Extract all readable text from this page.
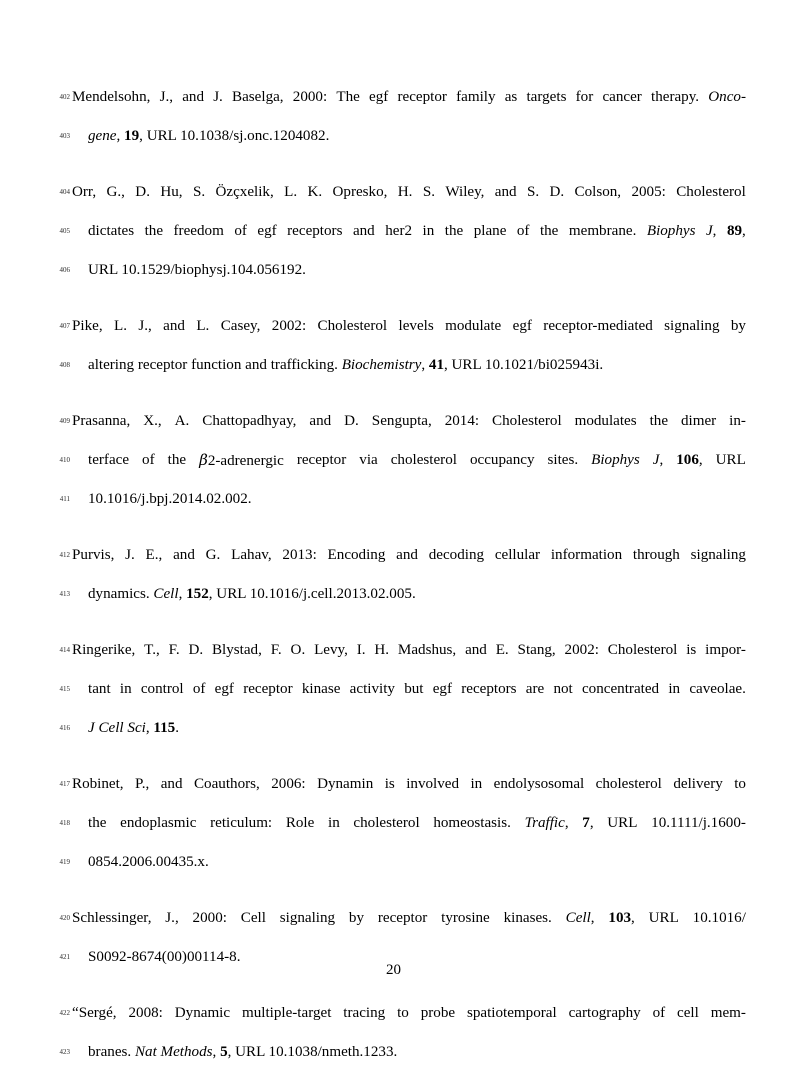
402 Mendelsohn, J., and J. Baselga, 2000: The egf receptor family as targets for cancer therapy. Onco-
403 gene, 19, URL 10.1038/sj.onc.1204082.
404 Orr, G., D. Hu, S. Özçxelik, L. K. Opresko, H. S. Wiley, and S. D. Colson, 2005: Cholesterol
405 dictates the freedom of egf receptors and her2 in the plane of the membrane. Biophys J, 89,
406 URL 10.1529/biophysj.104.056192.
407 Pike, L. J., and L. Casey, 2002: Cholesterol levels modulate egf receptor-mediated signaling by
408 altering receptor function and trafficking. Biochemistry, 41, URL 10.1021/bi025943i.
409 Prasanna, X., A. Chattopadhyay, and D. Sengupta, 2014: Cholesterol modulates the dimer in-
410 terface of the β2-adrenergic receptor via cholesterol occupancy sites. Biophys J, 106, URL
411 10.1016/j.bpj.2014.02.002.
412 Purvis, J. E., and G. Lahav, 2013: Encoding and decoding cellular information through signaling
413 dynamics. Cell, 152, URL 10.1016/j.cell.2013.02.005.
414 Ringerike, T., F. D. Blystad, F. O. Levy, I. H. Madshus, and E. Stang, 2002: Cholesterol is impor-
415 tant in control of egf receptor kinase activity but egf receptors are not concentrated in caveolae.
416 J Cell Sci, 115.
417 Robinet, P., and Coauthors, 2006: Dynamin is involved in endolysosomal cholesterol delivery to
418 the endoplasmic reticulum: Role in cholesterol homeostasis. Traffic, 7, URL 10.1111/j.1600-
419 0854.2006.00435.x.
420 Schlessinger, J., 2000: Cell signaling by receptor tyrosine kinases. Cell, 103, URL 10.1016/
421 S0092-8674(00)00114-8.
422 “Sergé, 2008: Dynamic multiple-target tracing to probe spatiotemporal cartography of cell mem-
423 branes. Nat Methods, 5, URL 10.1038/nmeth.1233.
20
